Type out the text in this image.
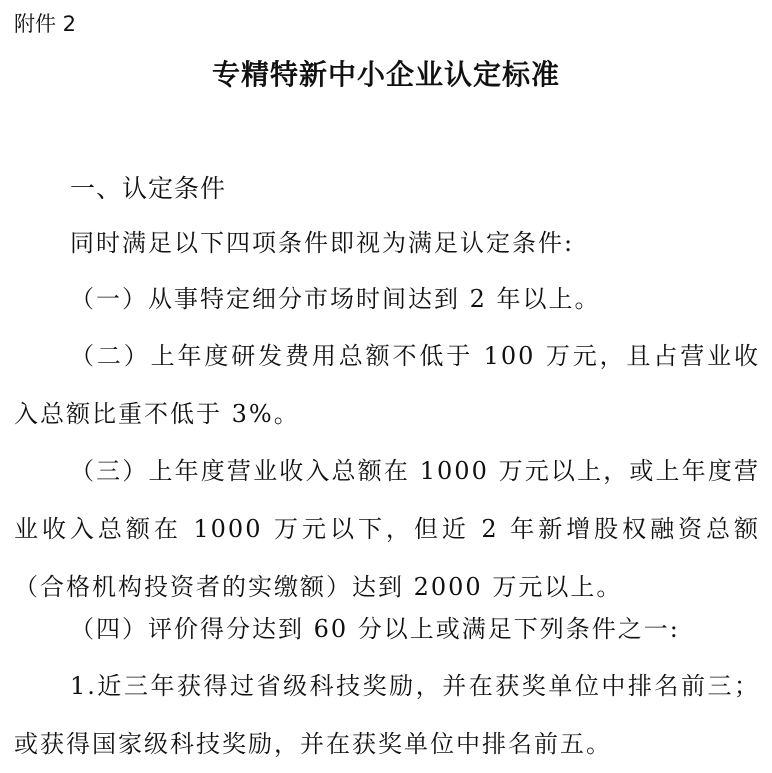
附件 2
专精特新中小企业认定标准
一、认定条件

同时满足以下四项条件即视为满足认定条件:

（一）从事特定细分市场时间达到 2 年以上。

（二）上年度研发费用总额不低于 100 万元，且占营业收入总额比重不低于 3%。

（三）上年度营业收入总额在 1000 万元以上，或上年度营业收入总额在 1000 万元以下，但近 2 年新增股权融资总额（合格机构投资者的实缴额）达到 2000 万元以上。

（四）评价得分达到 60 分以上或满足下列条件之一:

1.近三年获得过省级科技奖励，并在获奖单位中排名前三；或获得国家级科技奖励，并在获奖单位中排名前五。
